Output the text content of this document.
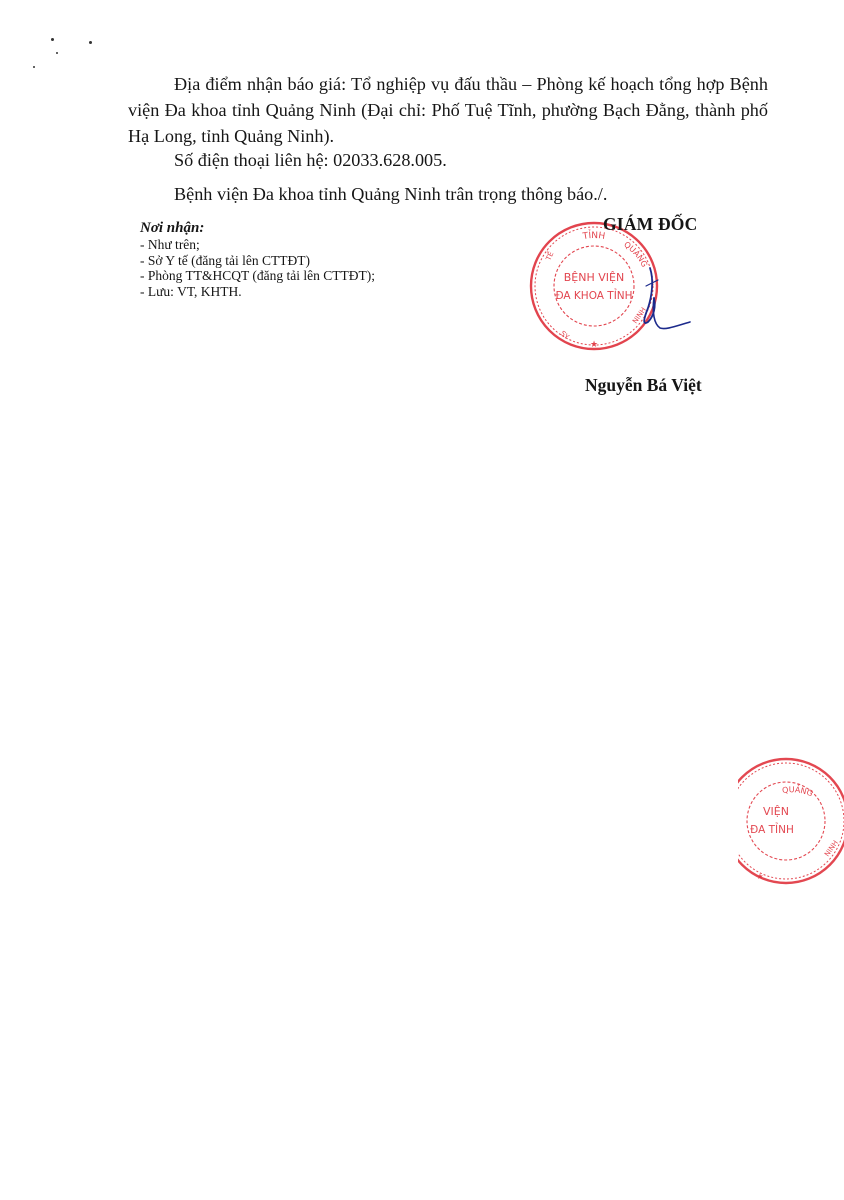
Địa điểm nhận báo giá: Tổ nghiệp vụ đấu thầu – Phòng kế hoạch tổng hợp Bệnh viện Đa khoa tỉnh Quảng Ninh (Đại chỉ: Phố Tuệ Tĩnh, phường Bạch Đằng, thành phố Hạ Long, tỉnh Quảng Ninh).

Số điện thoại liên hệ: 02033.628.005.

Bệnh viện Đa khoa tỉnh Quảng Ninh trân trọng thông báo./.

Nơi nhận:
- Như trên;
- Sở Y tế (đăng tải lên CTTĐT)
- Phòng TT&HCQT (đăng tải lên CTTĐT);
- Lưu: VT, KHTH.
TỈNH
QUẢNG
NINH
TẾ
SY
BỆNH VIỆN
ĐA KHOA TỈNH
★
GIÁM ĐỐC
Nguyễn Bá Việt
QUẢNG
NINH
VIỆN
ĐA TỈNH
★
